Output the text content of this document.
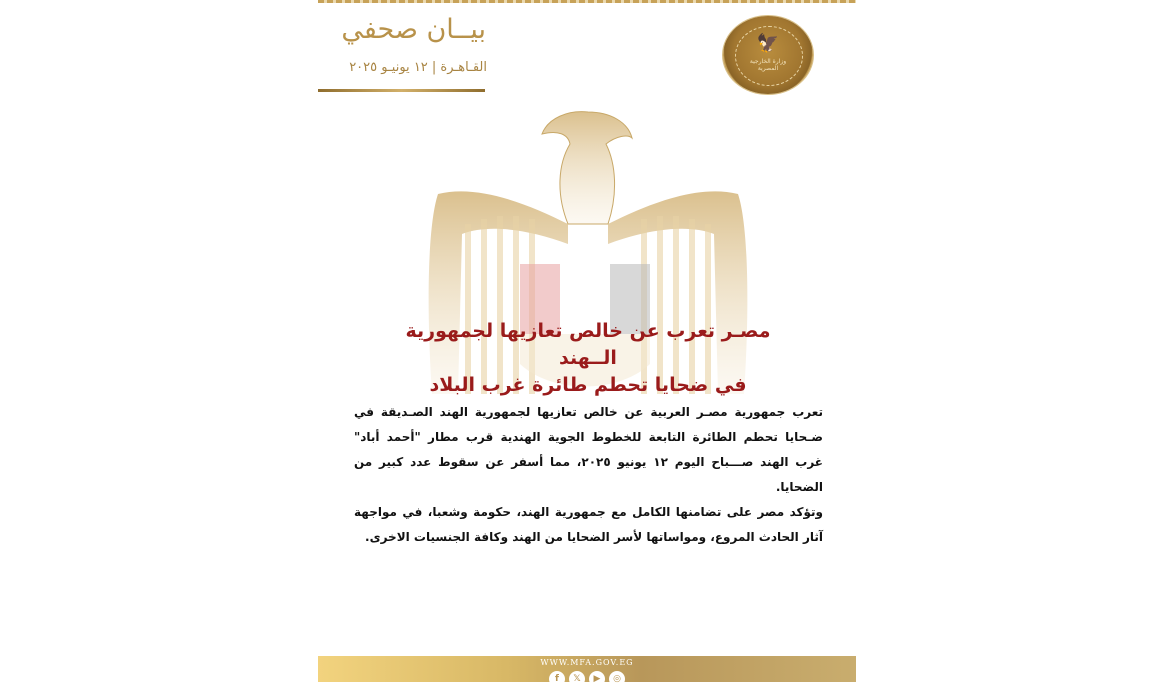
🦅
وزارة الخارجية المصرية
بيــان صحفي
القـاهـرة | ١٢ يونيـو ٢٠٢٥
مصـر تعرب عن خالص تعازيها لجمهورية الــهند
في ضحايا تحطم طائرة غرب البلاد

تعرب جمهورية مصـر العربية عن خالص تعازيها لجمهورية الهند الصـديقة في ضـحايا تحطم الطائرة التابعة للخطوط الجوية الهندية قرب مطار "أحمد أباد" غرب الهند صـــباح اليوم ١٢ يونيو ٢٠٢٥، مما أسفر عن سقوط عدد كبير من الضحايا.

وتؤكد مصر على تضامنها الكامل مع جمهورية الهند، حكومة وشعبا، في مواجهة آثار الحادث المروع، ومواساتها لأسر الضحايا من الهند وكافة الجنسيات الاخرى.

WWW.MFA.GOV.EG
f	𝕏	▶	◎
